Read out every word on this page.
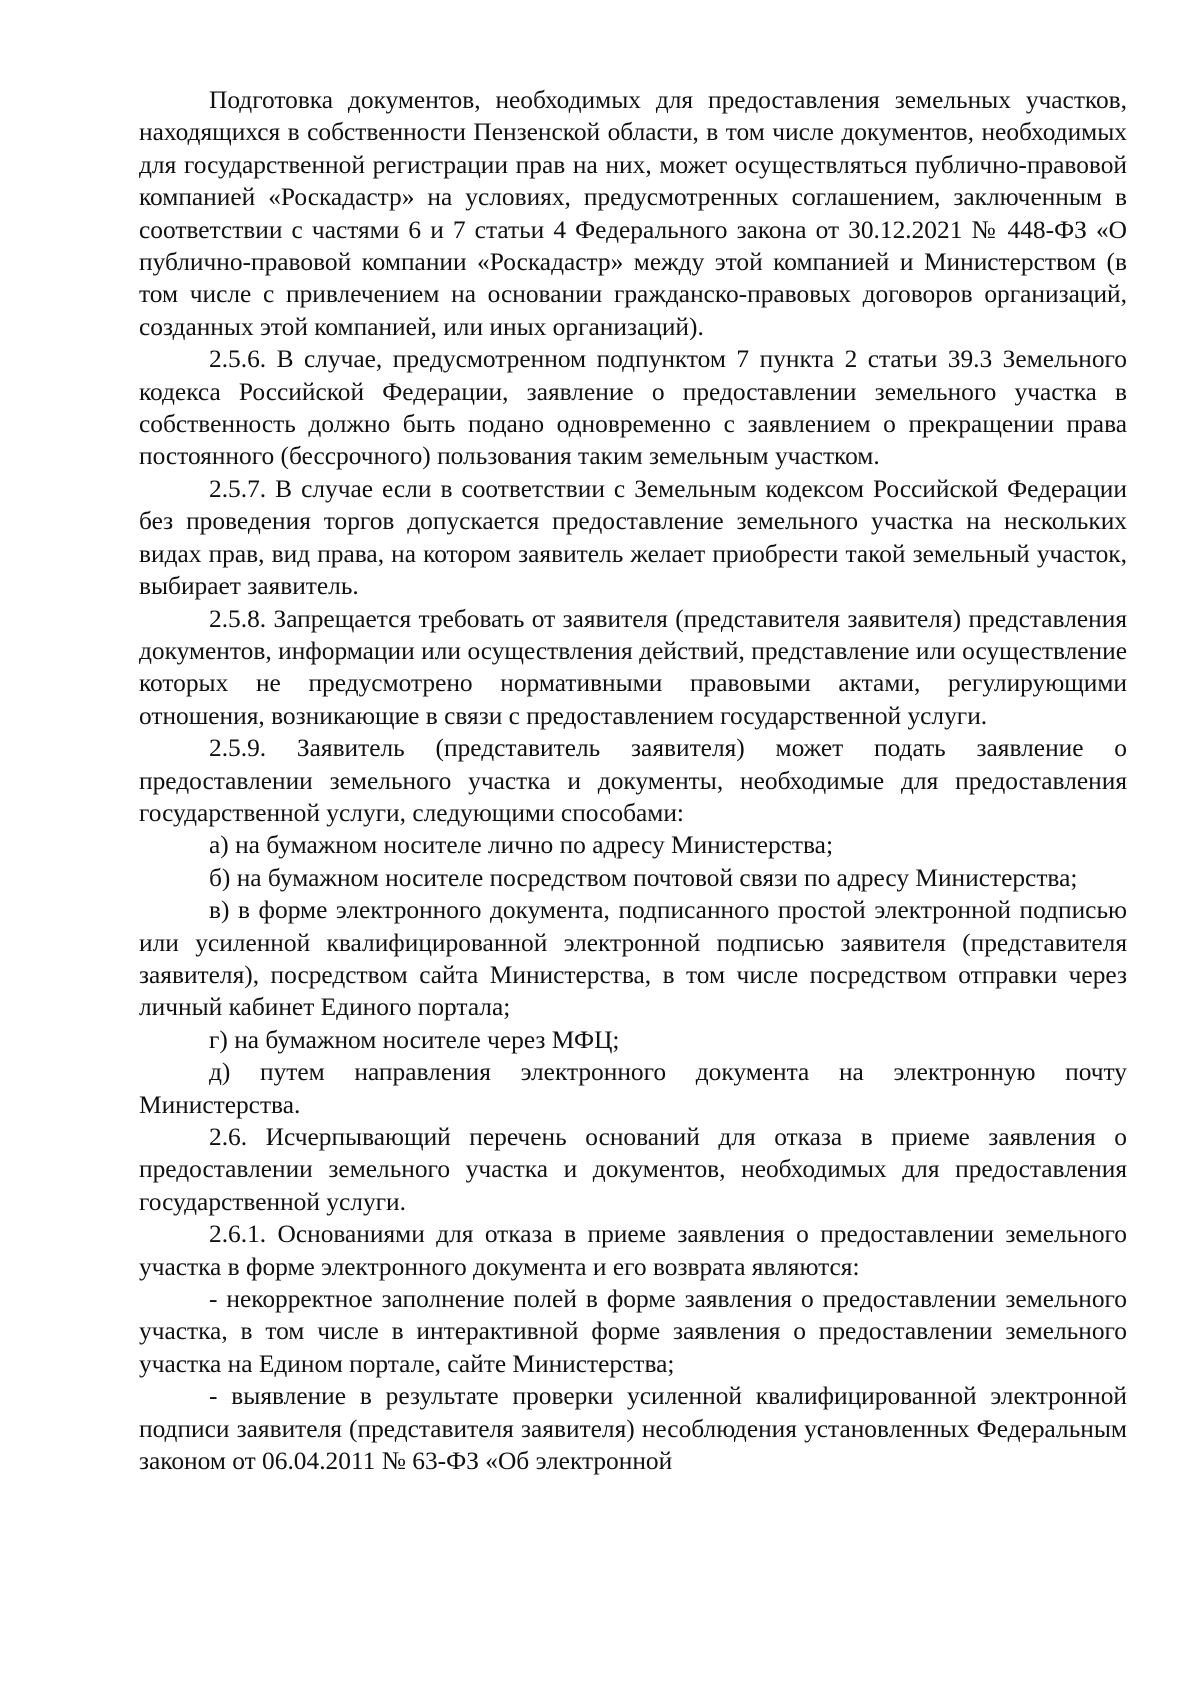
Подготовка документов, необходимых для предоставления земельных участков, находящихся в собственности Пензенской области, в том числе документов, необходимых для государственной регистрации прав на них, может осуществляться публично-правовой компанией «Роскадастр» на условиях, предусмотренных соглашением, заключенным в соответствии с частями 6 и 7 статьи 4 Федерального закона от 30.12.2021 № 448-ФЗ «О публично-правовой компании «Роскадастр» между этой компанией и Министерством (в том числе с привлечением на основании гражданско-правовых договоров организаций, созданных этой компанией, или иных организаций).

2.5.6. В случае, предусмотренном подпунктом 7 пункта 2 статьи 39.3 Земельного кодекса Российской Федерации, заявление о предоставлении земельного участка в собственность должно быть подано одновременно с заявлением о прекращении права постоянного (бессрочного) пользования таким земельным участком.

2.5.7. В случае если в соответствии с Земельным кодексом Российской Федерации без проведения торгов допускается предоставление земельного участка на нескольких видах прав, вид права, на котором заявитель желает приобрести такой земельный участок, выбирает заявитель.

2.5.8. Запрещается требовать от заявителя (представителя заявителя) представления документов, информации или осуществления действий, представление или осуществление которых не предусмотрено нормативными правовыми актами, регулирующими отношения, возникающие в связи с предоставлением государственной услуги.

2.5.9. Заявитель (представитель заявителя) может подать заявление о предоставлении земельного участка и документы, необходимые для предоставления государственной услуги, следующими способами:

а) на бумажном носителе лично по адресу Министерства;

б) на бумажном носителе посредством почтовой связи по адресу Министерства;

в) в форме электронного документа, подписанного простой электронной подписью или усиленной квалифицированной электронной подписью заявителя (представителя заявителя), посредством сайта Министерства, в том числе посредством отправки через личный кабинет Единого портала;

г) на бумажном носителе через МФЦ;

д) путем направления электронного документа на электронную почту Министерства.

2.6. Исчерпывающий перечень оснований для отказа в приеме заявления о предоставлении земельного участка и документов, необходимых для предоставления государственной услуги.

2.6.1. Основаниями для отказа в приеме заявления о предоставлении земельного участка в форме электронного документа и его возврата являются:

- некорректное заполнение полей в форме заявления о предоставлении земельного участка, в том числе в интерактивной форме заявления о предоставлении земельного участка на Едином портале, сайте Министерства;

- выявление в результате проверки усиленной квалифицированной электронной подписи заявителя (представителя заявителя) несоблюдения установленных Федеральным законом от 06.04.2011 № 63-ФЗ «Об электронной
